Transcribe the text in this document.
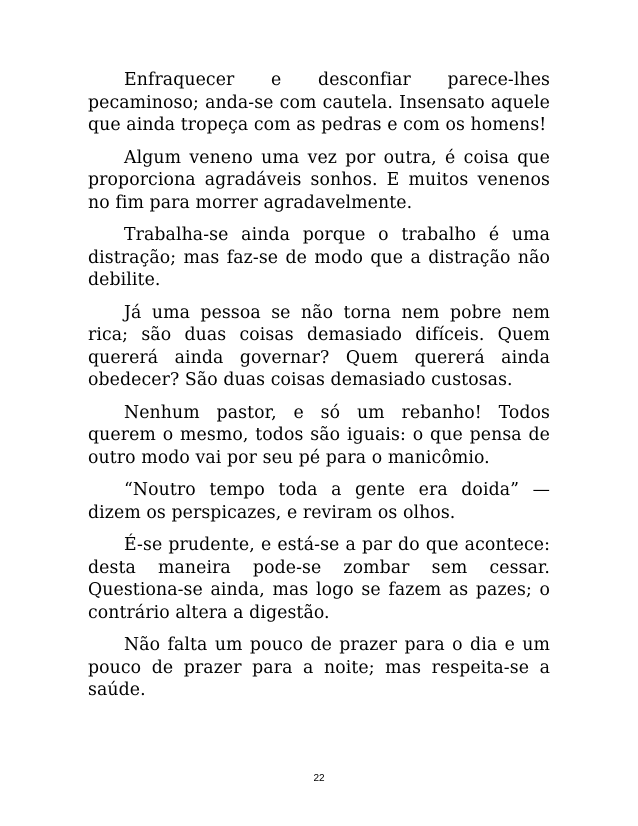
Enfraquecer e desconfiar parece-lhes pecaminoso; anda-se com cautela. Insensato aquele que ainda tropeça com as pedras e com os homens!

Algum veneno uma vez por outra, é coisa que proporciona agradáveis sonhos. E muitos venenos no fim para morrer agradavelmente.

Trabalha-se ainda porque o trabalho é uma distração; mas faz-se de modo que a distração não debilite.

Já uma pessoa se não torna nem pobre nem rica; são duas coisas demasiado difíceis. Quem quererá ainda governar? Quem quererá ainda obedecer? São duas coisas demasiado custosas.

Nenhum pastor, e só um rebanho! Todos querem o mesmo, todos são iguais: o que pensa de outro modo vai por seu pé para o manicômio.

“Noutro tempo toda a gente era doida” — dizem os perspicazes, e reviram os olhos.

É-se prudente, e está-se a par do que acontece: desta maneira pode-se zombar sem cessar. Questiona-se ainda, mas logo se fazem as pazes; o contrário altera a digestão.

Não falta um pouco de prazer para o dia e um pouco de prazer para a noite; mas respeita-se a saúde.

22
